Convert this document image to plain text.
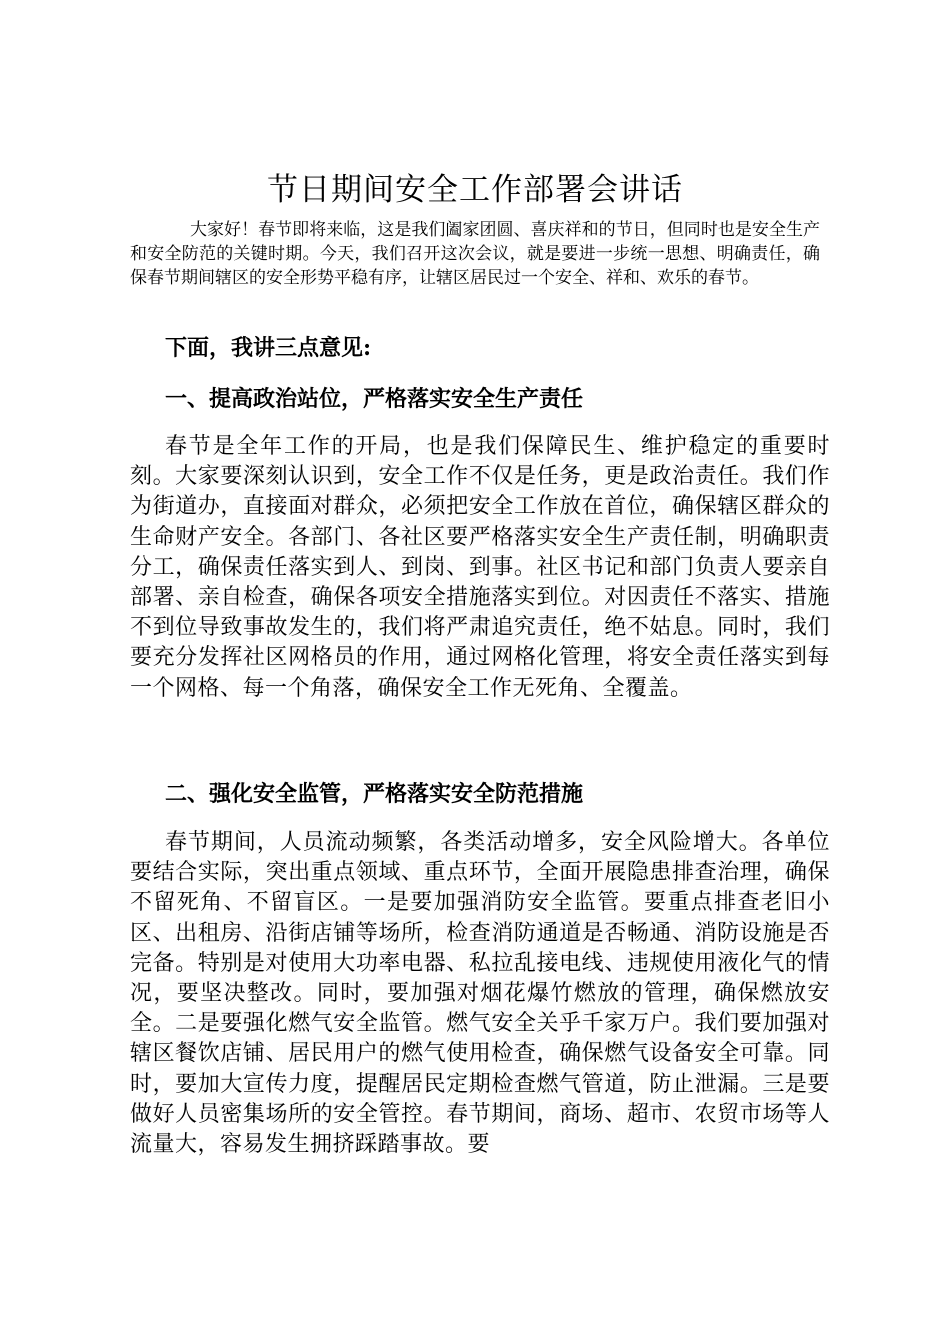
节日期间安全工作部署会讲话

大家好！春节即将来临，这是我们阖家团圆、喜庆祥和的节日，但同时也是安全生产和安全防范的关键时期。今天，我们召开这次会议，就是要进一步统一思想、明确责任，确保春节期间辖区的安全形势平稳有序，让辖区居民过一个安全、祥和、欢乐的春节。

下面，我讲三点意见:

一、提高政治站位，严格落实安全生产责任

春节是全年工作的开局，也是我们保障民生、维护稳定的重要时刻。大家要深刻认识到，安全工作不仅是任务，更是政治责任。我们作为街道办，直接面对群众，必须把安全工作放在首位，确保辖区群众的生命财产安全。各部门、各社区要严格落实安全生产责任制，明确职责分工，确保责任落实到人、到岗、到事。社区书记和部门负责人要亲自部署、亲自检查，确保各项安全措施落实到位。对因责任不落实、措施不到位导致事故发生的，我们将严肃追究责任，绝不姑息。同时，我们要充分发挥社区网格员的作用，通过网格化管理，将安全责任落实到每一个网格、每一个角落，确保安全工作无死角、全覆盖。

二、强化安全监管，严格落实安全防范措施

春节期间，人员流动频繁，各类活动增多，安全风险增大。各单位要结合实际，突出重点领域、重点环节，全面开展隐患排查治理，确保不留死角、不留盲区。一是要加强消防安全监管。要重点排查老旧小区、出租房、沿街店铺等场所，检查消防通道是否畅通、消防设施是否完备。特别是对使用大功率电器、私拉乱接电线、违规使用液化气的情况，要坚决整改。同时，要加强对烟花爆竹燃放的管理，确保燃放安全。二是要强化燃气安全监管。燃气安全关乎千家万户。我们要加强对辖区餐饮店铺、居民用户的燃气使用检查，确保燃气设备安全可靠。同时，要加大宣传力度，提醒居民定期检查燃气管道，防止泄漏。三是要做好人员密集场所的安全管控。春节期间，商场、超市、农贸市场等人流量大，容易发生拥挤踩踏事故。要
